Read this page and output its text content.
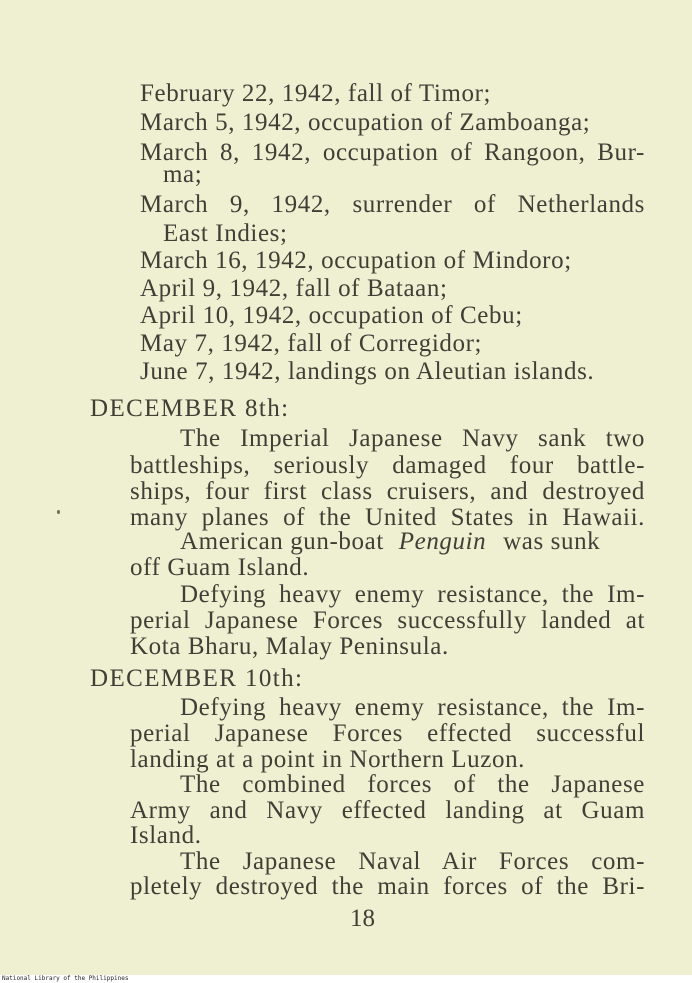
February 22, 1942, fall of Timor;
March 5, 1942, occupation of Zamboanga;
March 8, 1942, occupation of Rangoon, Bur-
ma;
March 9, 1942, surrender of Netherlands
East Indies;
March 16, 1942, occupation of Mindoro;
April 9, 1942, fall of Bataan;
April 10, 1942, occupation of Cebu;
May 7, 1942, fall of Corregidor;
June 7, 1942, landings on Aleutian islands.
DECEMBER 8th:
The Imperial Japanese Navy sank two
battleships, seriously damaged four battle-
ships, four first class cruisers, and destroyed
many planes of the United States in Hawaii.
American gun-boat Penguin was sunk
off Guam Island.
Defying heavy enemy resistance, the Im-
perial Japanese Forces successfully landed at
Kota Bharu, Malay Peninsula.
DECEMBER 10th:
Defying heavy enemy resistance, the Im-
perial Japanese Forces effected successful
landing at a point in Northern Luzon.
The combined forces of the Japanese
Army and Navy effected landing at Guam
Island.
The Japanese Naval Air Forces com-
pletely destroyed the main forces of the Bri-
18
National Library of the Philippines
